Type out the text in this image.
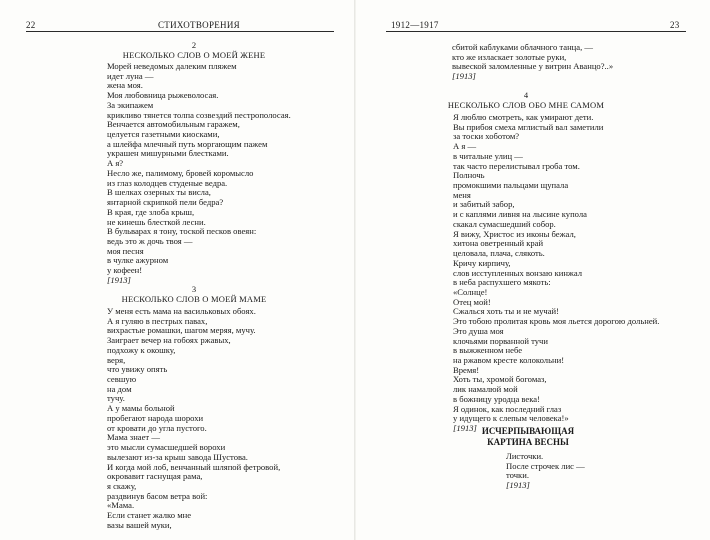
22	СТИХОТВОРЕНИЯ
2
НЕСКОЛЬКО СЛОВ О МОЕЙ ЖЕНЕ
Морей неведомых далеким пляжем
идет луна —
жена моя.
Моя любовница рыжеволосая.
За экипажем
крикливо тянется толпа созвездий пестрополосая.
Венчается автомобильным гаражем,
целуется газетными киосками,
а шлейфа млечный путь моргающим пажем
украшен мишурными блестками.
А я?
Несло же, палимому, бровей коромысло
из глаз колодцев студеные ведра.
В шелках озерных ты висла,
янтарной скрипкой пели бедра?
В края, где злоба крыш,
не кинешь блесткой лесни.
В бульварах я тону, тоской песков овеян:
ведь это ж дочь твоя —
моя песня
в чулке ажурном
у кофеен!
[1913]
3
НЕСКОЛЬКО СЛОВ О МОЕЙ МАМЕ
У меня есть мама на васильковых обоях.
А я гуляю в пестрых павах,
вихрастые ромашки, шагом меряя, мучу.
Заиграет вечер на гобоях ржавых,
подхожу к окошку,
веря,
что увижу опять
севшую
на дом
тучу.
А у мамы больной
пробегают народа шорохи
от кровати до угла пустого.
Мама знает —
это мысли сумасшедшей ворохи
вылезают из-за крыш завода Шустова.
И когда мой лоб, венчанный шляпой фетровой,
окровавит гаснущая рама,
я скажу,
раздвинув басом ветра вой:
«Мама.
Если станет жалко мне
вазы вашей муки,
1912—1917	23
сбитой каблуками облачного танца, —
кто же изласкает золотые руки,
вывеской заломленные у витрин Аванцо?..»
[1913]
4
НЕСКОЛЬКО СЛОВ ОБО МНЕ САМОМ
Я люблю смотреть, как умирают дети.
Вы прибоя смеха мглистый вал заметили
за тоски хоботом?
А я —
в читальне улиц —
так часто перелистывал гроба том.
Полночь
промокшими пальцами щупала
меня
и забитый забор,
и с каплями ливня на лысине купола
скакал сумасшедший собор.
Я вижу, Христос из иконы бежал,
хитона оветренный край
целовала, плача, слякоть.
Кричу кирпичу,
слов исступленных вонзаю кинжал
в неба распухшего мякоть:
«Солнце!
Отец мой!
Сжалься хоть ты и не мучай!
Это тобою пролитая кровь моя льется дорогою дольней.
Это душа моя
клочьями порванной тучи
в выжженном небе
на ржавом кресте колокольни!
Время!
Хоть ты, хромой богомаз,
лик намалюй мой
в божницу уродца века!
Я одинок, как последний глаз
у идущего к слепым человека!»
[1913] ИСЧЕРПЫВАЮЩАЯ
КАРТИНА ВЕСНЫ
Листочки.
После строчек лис —
точки.
[1913]
